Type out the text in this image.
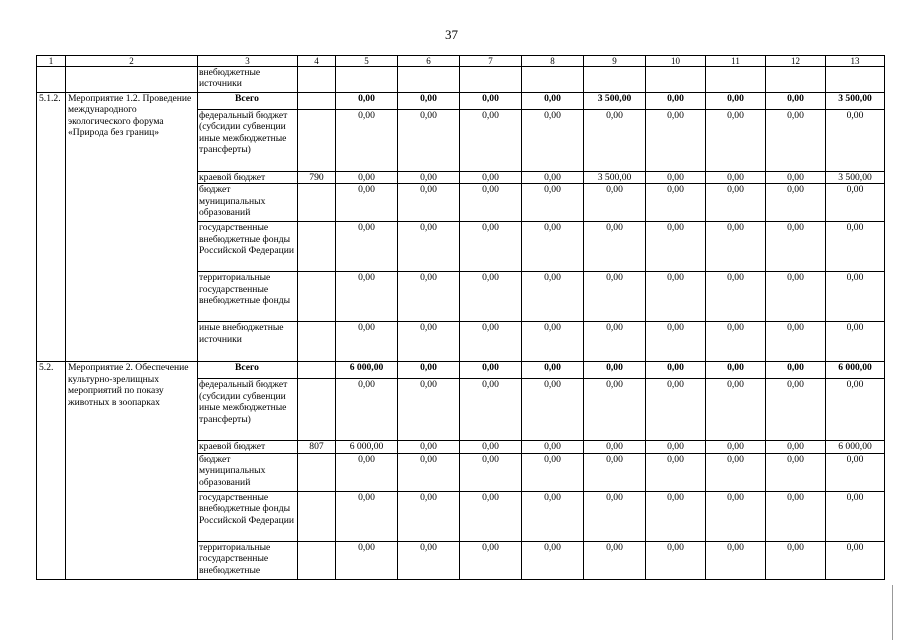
37
1	2	3	4	5	6	7	8	9	10	11	12	13
		внебюджетные источники										
5.1.2.	Мероприятие 1.2. Проведение международного экологического форума «Природа без границ»	Всего		0,00	0,00	0,00	0,00	3 500,00	0,00	0,00	0,00	3 500,00
		федеральный бюджет (субсидии субвенции иные межбюджетные трансферты)		0,00	0,00	0,00	0,00	0,00	0,00	0,00	0,00	0,00
		краевой бюджет	790	0,00	0,00	0,00	0,00	3 500,00	0,00	0,00	0,00	3 500,00
		бюджет муниципальных образований		0,00	0,00	0,00	0,00	0,00	0,00	0,00	0,00	0,00
		государственные внебюджетные фонды Российской Федерации		0,00	0,00	0,00	0,00	0,00	0,00	0,00	0,00	0,00
		территориальные государственные внебюджетные фонды		0,00	0,00	0,00	0,00	0,00	0,00	0,00	0,00	0,00
		иные внебюджетные источники		0,00	0,00	0,00	0,00	0,00	0,00	0,00	0,00	0,00
5.2.	Мероприятие 2. Обеспечение культурно-зрелищных мероприятий по показу животных в зоопарках	Всего		6 000,00	0,00	0,00	0,00	0,00	0,00	0,00	0,00	6 000,00
		федеральный бюджет (субсидии субвенции иные межбюджетные трансферты)		0,00	0,00	0,00	0,00	0,00	0,00	0,00	0,00	0,00
		краевой бюджет	807	6 000,00	0,00	0,00	0,00	0,00	0,00	0,00	0,00	6 000,00
		бюджет муниципальных образований		0,00	0,00	0,00	0,00	0,00	0,00	0,00	0,00	0,00
		государственные внебюджетные фонды Российской Федерации		0,00	0,00	0,00	0,00	0,00	0,00	0,00	0,00	0,00
		территориальные государственные внебюджетные		0,00	0,00	0,00	0,00	0,00	0,00	0,00	0,00	0,00
